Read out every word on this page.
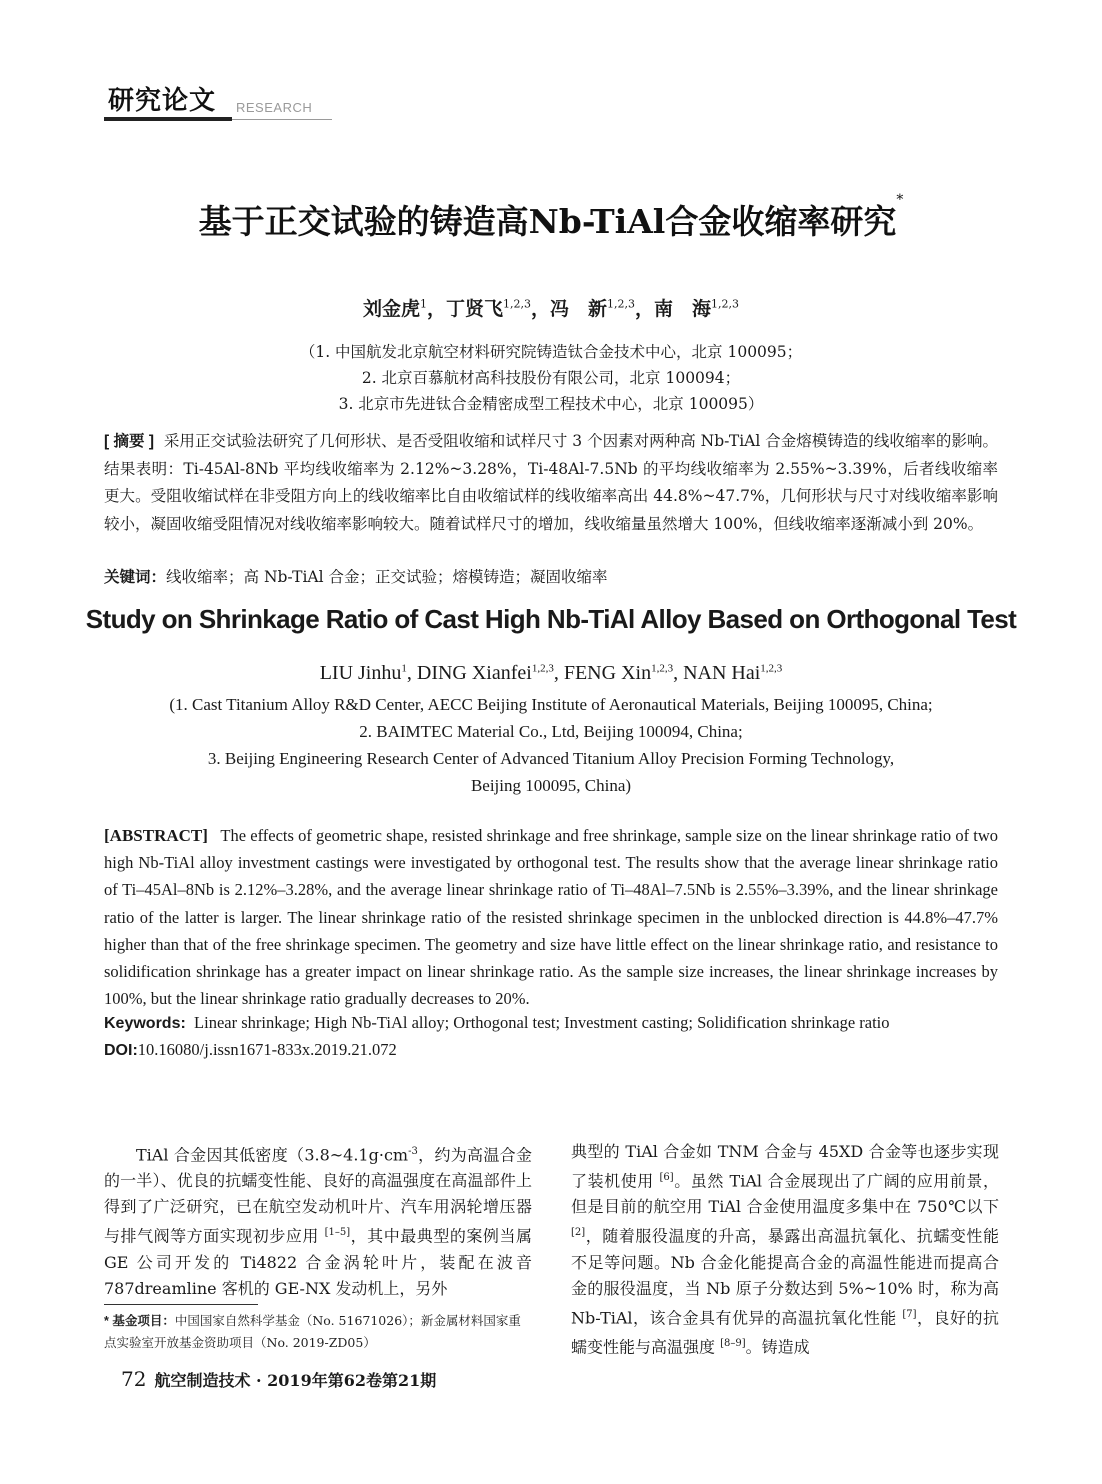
研究论文 RESEARCH
基于正交试验的铸造高Nb-TiAl合金收缩率研究*
刘金虎$^1$，丁贤飞$^{1,2,3}$，冯　新$^{1,2,3}$，南　海$^{1,2,3}$
（1. 中国航发北京航空材料研究院铸造钛合金技术中心，北京 100095；
2. 北京百慕航材高科技股份有限公司，北京 100094；
3. 北京市先进钛合金精密成型工程技术中心，北京 100095）
[ 摘要 ] 采用正交试验法研究了几何形状、是否受阻收缩和试样尺寸 3 个因素对两种高 Nb-TiAl 合金熔模铸造的线收缩率的影响。结果表明：Ti-45Al-8Nb 平均线收缩率为 2.12%~3.28%，Ti-48Al-7.5Nb 的平均线收缩率为 2.55%~3.39%，后者线收缩率更大。受阻收缩试样在非受阻方向上的线收缩率比自由收缩试样的线收缩率高出 44.8%~47.7%，几何形状与尺寸对线收缩率影响较小，凝固收缩受阻情况对线收缩率影响较大。随着试样尺寸的增加，线收缩量虽然增大 100%，但线收缩率逐渐减小到 20%。
关键词：线收缩率；高 Nb-TiAl 合金；正交试验；熔模铸造；凝固收缩率
Study on Shrinkage Ratio of Cast High Nb-TiAl Alloy Based on Orthogonal Test
LIU Jinhu$^1$, DING Xianfei$^{1,2,3}$, FENG Xin$^{1,2,3}$, NAN Hai$^{1,2,3}$
(1. Cast Titanium Alloy R&D Center, AECC Beijing Institute of Aeronautical Materials, Beijing 100095, China;
2. BAIMTEC Material Co., Ltd, Beijing 100094, China;
3. Beijing Engineering Research Center of Advanced Titanium Alloy Precision Forming Technology,
Beijing 100095, China)
[ABSTRACT] The effects of geometric shape, resisted shrinkage and free shrinkage, sample size on the linear shrinkage ratio of two high Nb-TiAl alloy investment castings were investigated by orthogonal test. The results show that the average linear shrinkage ratio of Ti–45Al–8Nb is 2.12%–3.28%, and the average linear shrinkage ratio of Ti–48Al–7.5Nb is 2.55%–3.39%, and the linear shrinkage ratio of the latter is larger. The linear shrinkage ratio of the resisted shrinkage specimen in the unblocked direction is 44.8%–47.7% higher than that of the free shrinkage specimen. The geometry and size have little effect on the linear shrinkage ratio, and resistance to solidification shrinkage has a greater impact on linear shrinkage ratio. As the sample size increases, the linear shrinkage increases by 100%, but the linear shrinkage ratio gradually decreases to 20%.
Keywords: Linear shrinkage; High Nb-TiAl alloy; Orthogonal test; Investment casting; Solidification shrinkage ratio
DOI:10.16080/j.issn1671-833x.2019.21.072
TiAl 合金因其低密度（$3.8\sim 4.1g\cdot cm^{-3}$，约为高温合金的一半）、优良的抗蠕变性能、良好的高温强度在高温部件上得到了广泛研究，已在航空发动机叶片、汽车用涡轮增压器与排气阀等方面实现初步应用 [1–5]，其中最典型的案例当属 GE 公司开发的 Ti4822 合金涡轮叶片，装配在波音 787dreamline 客机的 GE-NX 发动机上，另外
典型的 TiAl 合金如 TNM 合金与 45XD 合金等也逐步实现了装机使用 [6]。虽然 TiAl 合金展现出了广阔的应用前景，但是目前的航空用 TiAl 合金使用温度多集中在 750℃以下 [2]，随着服役温度的升高，暴露出高温抗氧化、抗蠕变性能不足等问题。Nb 合金化能提高合金的高温性能进而提高合金的服役温度，当 Nb 原子分数达到 5%~10% 时，称为高 Nb-TiAl，该合金具有优异的高温抗氧化性能 [7]，良好的抗蠕变性能与高温强度 [8–9]。铸造成
* 基金项目：中国国家自然科学基金（No. 51671026）；新金属材料国家重点实验室开放基金资助项目（No. 2019-ZD05）
72 航空制造技术 · 2019年第62卷第21期
